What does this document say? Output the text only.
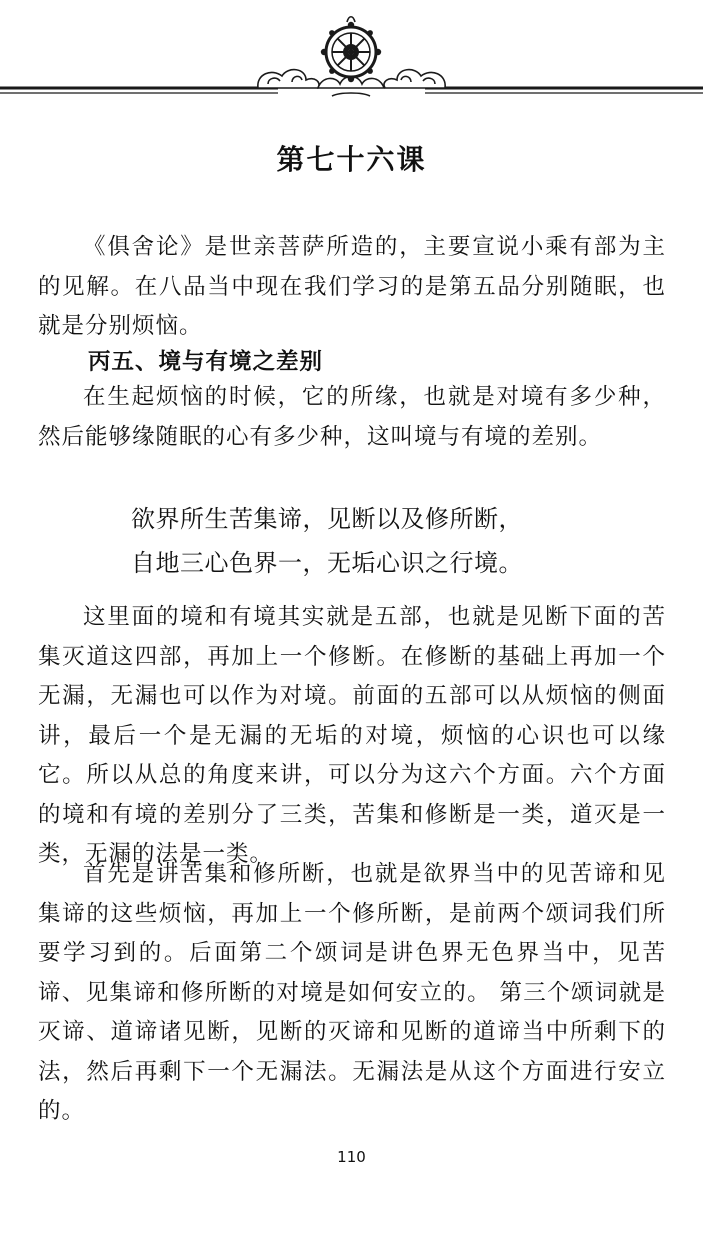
第七十六课
《俱舍论》是世亲菩萨所造的，主要宣说小乘有部为主的见解。在八品当中现在我们学习的是第五品分别随眠，也就是分别烦恼。
丙五、境与有境之差别
在生起烦恼的时候，它的所缘，也就是对境有多少种，然后能够缘随眠的心有多少种，这叫境与有境的差别。
欲界所生苦集谛，见断以及修所断，
自地三心色界一，无垢心识之行境。
这里面的境和有境其实就是五部，也就是见断下面的苦集灭道这四部，再加上一个修断。在修断的基础上再加一个无漏，无漏也可以作为对境。前面的五部可以从烦恼的侧面讲，最后一个是无漏的无垢的对境，烦恼的心识也可以缘它。所以从总的角度来讲，可以分为这六个方面。六个方面的境和有境的差别分了三类，苦集和修断是一类，道灭是一类，无漏的法是一类。
首先是讲苦集和修所断，也就是欲界当中的见苦谛和见集谛的这些烦恼，再加上一个修所断，是前两个颂词我们所要学习到的。后面第二个颂词是讲色界无色界当中，见苦谛、见集谛和修所断的对境是如何安立的。 第三个颂词就是灭谛、道谛诸见断，见断的灭谛和见断的道谛当中所剩下的法，然后再剩下一个无漏法。无漏法是从这个方面进行安立的。
110
